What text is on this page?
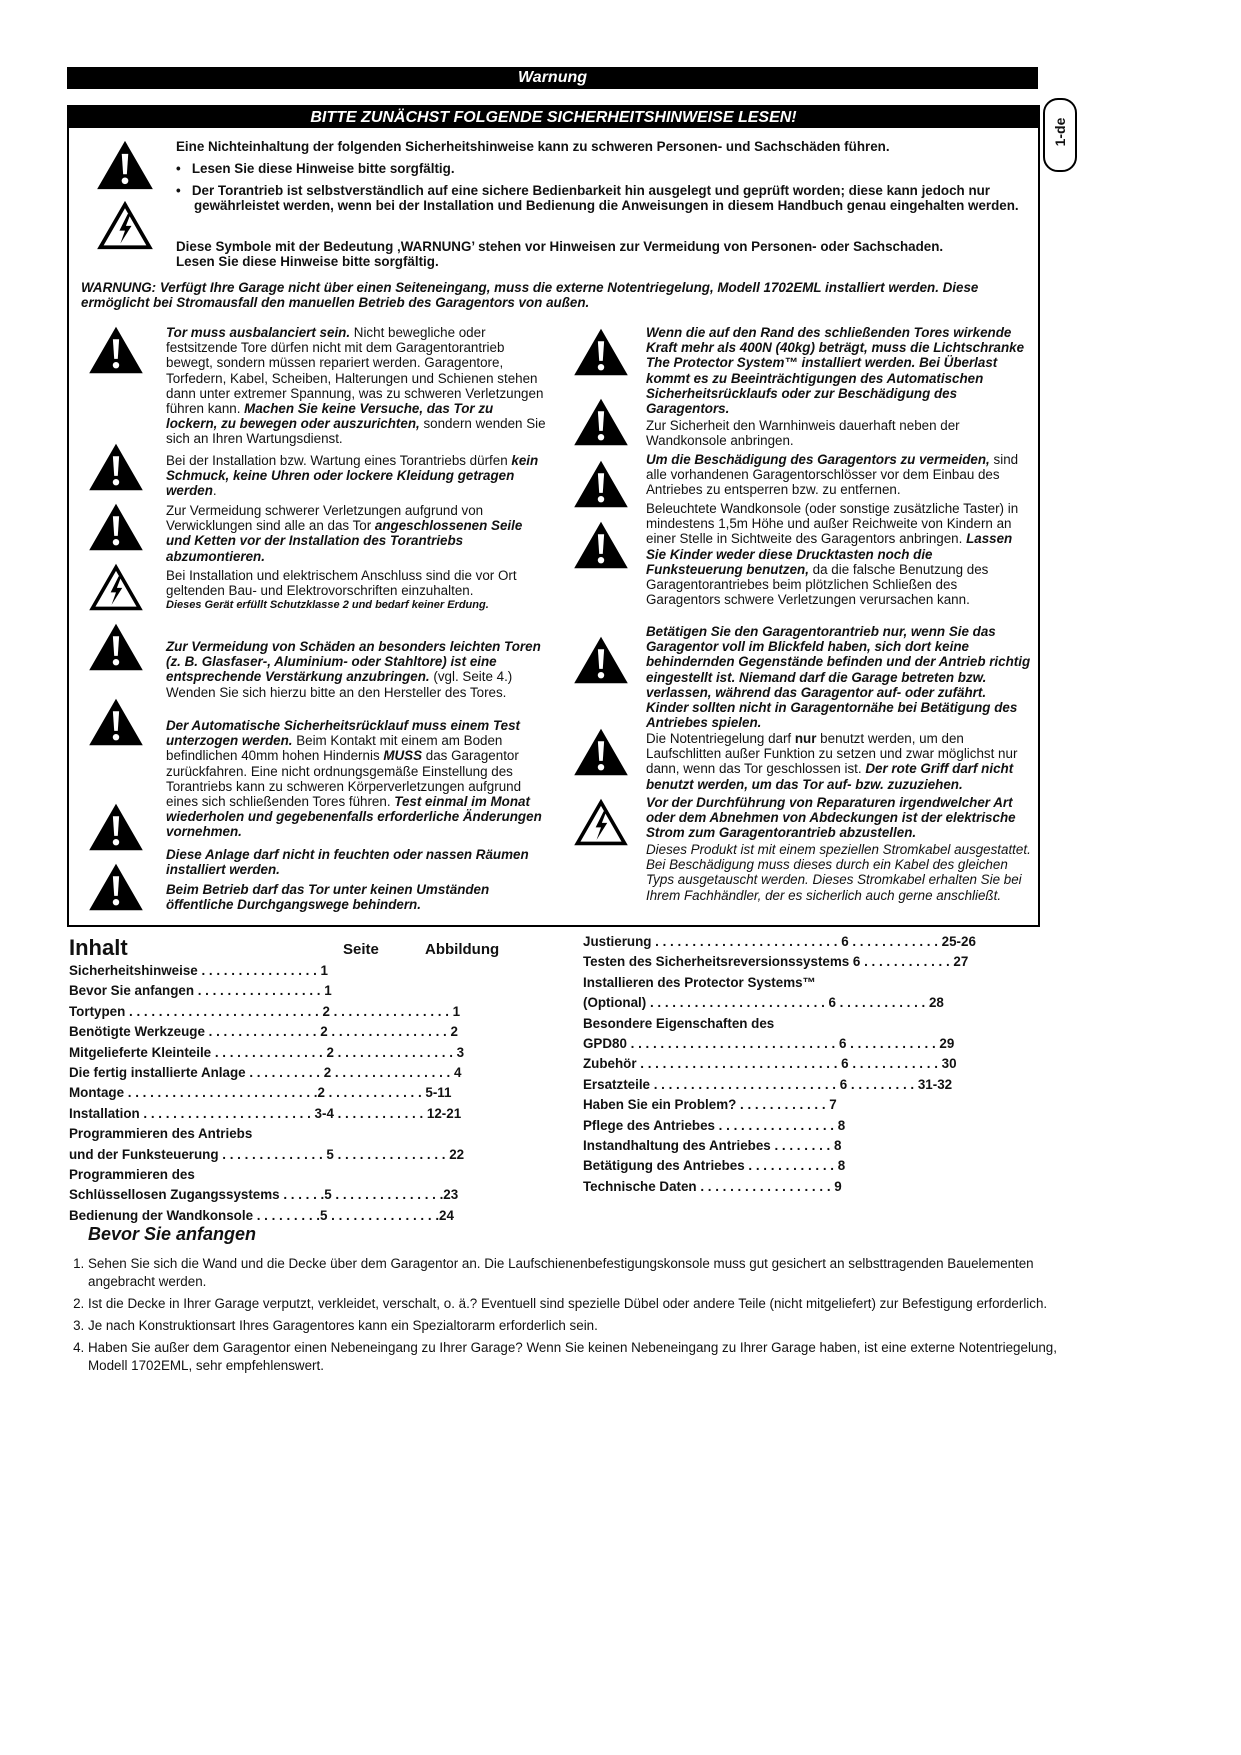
Warnung
1-de
BITTE ZUNÄCHST FOLGENDE SICHERHEITSHINWEISE LESEN!
Eine Nichteinhaltung der folgenden Sicherheitshinweise kann zu schweren Personen- und Sachschäden führen.
•   Lesen Sie diese Hinweise bitte sorgfältig.
•   Der Torantrieb ist selbstverständlich auf eine sichere Bedienbarkeit hin ausgelegt und geprüft worden; diese kann jedoch nur gewährleistet werden, wenn bei der Installation und Bedienung die Anweisungen in diesem Handbuch genau eingehalten werden.
Diese Symbole mit der Bedeutung ‚WARNUNG’ stehen vor Hinweisen zur Vermeidung von Personen- oder Sachschaden. Lesen Sie diese Hinweise bitte sorgfältig.
WARNUNG: Verfügt Ihre Garage nicht über einen Seiteneingang, muss die externe Notentriegelung, Modell 1702EML installiert werden. Diese ermöglicht bei Stromausfall den manuellen Betrieb des Garagentors von außen.
Tor muss ausbalanciert sein. Nicht bewegliche oder festsitzende Tore dürfen nicht mit dem Garagentorantrieb bewegt, sondern müssen repariert werden. Garagentore, Torfedern, Kabel, Scheiben, Halterungen und Schienen stehen dann unter extremer Spannung, was zu schweren Verletzungen führen kann. Machen Sie keine Versuche, das Tor zu lockern, zu bewegen oder auszurichten, sondern wenden Sie sich an Ihren Wartungsdienst.
Bei der Installation bzw. Wartung eines Torantriebs dürfen kein Schmuck, keine Uhren oder lockere Kleidung getragen werden.
Zur Vermeidung schwerer Verletzungen aufgrund von Verwicklungen sind alle an das Tor angeschlossenen Seile und Ketten vor der Installation des Torantriebs abzumontieren.
Bei Installation und elektrischem Anschluss sind die vor Ort geltenden Bau- und Elektrovorschriften einzuhalten.
Dieses Gerät erfüllt Schutzklasse 2 und bedarf keiner Erdung.
Zur Vermeidung von Schäden an besonders leichten Toren (z. B. Glasfaser-, Aluminium- oder Stahltore) ist eine entsprechende Verstärkung anzubringen. (vgl. Seite 4.) Wenden Sie sich hierzu bitte an den Hersteller des Tores.
Der Automatische Sicherheitsrücklauf muss einem Test unterzogen werden. Beim Kontakt mit einem am Boden befindlichen 40mm hohen Hindernis MUSS das Garagentor zurückfahren. Eine nicht ordnungsgemäße Einstellung des Torantriebs kann zu schweren Körperverletzungen aufgrund eines sich schließenden Tores führen. Test einmal im Monat wiederholen und gegebenenfalls erforderliche Änderungen vornehmen.
Diese Anlage darf nicht in feuchten oder nassen Räumen installiert werden.
Beim Betrieb darf das Tor unter keinen Umständen öffentliche Durchgangswege behindern.
Wenn die auf den Rand des schließenden Tores wirkende Kraft mehr als 400N (40kg) beträgt, muss die Lichtschranke The Protector System™ installiert werden. Bei Überlast kommt es zu Beeinträchtigungen des Automatischen Sicherheitsrücklaufs oder zur Beschädigung des Garagentors.
Zur Sicherheit den Warnhinweis dauerhaft neben der Wandkonsole anbringen.
Um die Beschädigung des Garagentors zu vermeiden, sind alle vorhandenen Garagentorschlösser vor dem Einbau des Antriebes zu entsperren bzw. zu entfernen.
Beleuchtete Wandkonsole (oder sonstige zusätzliche Taster) in mindestens 1,5m Höhe und außer Reichweite von Kindern an einer Stelle in Sichtweite des Garagentors anbringen. Lassen Sie Kinder weder diese Drucktasten noch die Funksteuerung benutzen, da die falsche Benutzung des Garagentorantriebes beim plötzlichen Schließen des Garagentors schwere Verletzungen verursachen kann.
Betätigen Sie den Garagentorantrieb nur, wenn Sie das Garagentor voll im Blickfeld haben, sich dort keine behindernden Gegenstände befinden und der Antrieb richtig eingestellt ist. Niemand darf die Garage betreten bzw. verlassen, während das Garagentor auf- oder zufährt. Kinder sollten nicht in Garagentornähe bei Betätigung des Antriebes spielen.
Die Notentriegelung darf nur benutzt werden, um den Laufschlitten außer Funktion zu setzen und zwar möglichst nur dann, wenn das Tor geschlossen ist. Der rote Griff darf nicht benutzt werden, um das Tor auf- bzw. zuzuziehen.
Vor der Durchführung von Reparaturen irgendwelcher Art oder dem Abnehmen von Abdeckungen ist der elektrische Strom zum Garagentorantrieb abzustellen.
Dieses Produkt ist mit einem speziellen Stromkabel ausgestattet. Bei Beschädigung muss dieses durch ein Kabel des gleichen Typs ausgetauscht werden. Dieses Stromkabel erhalten Sie bei Ihrem Fachhändler, der es sicherlich auch gerne anschließt.
Inhalt	Seite	Abbildung
Sicherheitshinweise . . . . . . . . . . . . . . . . 1
Bevor Sie anfangen . . . . . . . . . . . . . . . . . 1
Tortypen . . . . . . . . . . . . . . . . . . . . . . . . . . 2 . . . . . . . . . . . . . . . . 1
Benötigte Werkzeuge . . . . . . . . . . . . . . . 2 . . . . . . . . . . . . . . . . 2
Mitgelieferte Kleinteile . . . . . . . . . . . . . . . 2 . . . . . . . . . . . . . . . . 3
Die fertig installierte Anlage . . . . . . . . . . 2 . . . . . . . . . . . . . . . . 4
Montage . . . . . . . . . . . . . . . . . . . . . . . . . .2 . . . . . . . . . . . . . 5-11
Installation . . . . . . . . . . . . . . . . . . . . . . . 3-4 . . . . . . . . . . . . 12-21
Programmieren des Antriebs
und der Funksteuerung . . . . . . . . . . . . . . 5 . . . . . . . . . . . . . . . 22
Programmieren des
Schlüssellosen Zugangssystems . . . . . .5 . . . . . . . . . . . . . . .23
Bedienung der Wandkonsole . . . . . . . . .5 . . . . . . . . . . . . . . .24
Justierung . . . . . . . . . . . . . . . . . . . . . . . . . 6 . . . . . . . . . . . . 25-26
Testen des Sicherheitsreversionssystems 6 . . . . . . . . . . . . 27
Installieren des Protector Systems™
(Optional) . . . . . . . . . . . . . . . . . . . . . . . . 6 . . . . . . . . . . . . 28
Besondere Eigenschaften des
GPD80 . . . . . . . . . . . . . . . . . . . . . . . . . . . . 6 . . . . . . . . . . . . 29
Zubehör . . . . . . . . . . . . . . . . . . . . . . . . . . . 6 . . . . . . . . . . . . 30
Ersatzteile . . . . . . . . . . . . . . . . . . . . . . . . . 6 . . . . . . . . . 31-32
Haben Sie ein Problem? . . . . . . . . . . . . 7
Pflege des Antriebes . . . . . . . . . . . . . . . . 8
Instandhaltung des Antriebes . . . . . . . . 8
Betätigung des Antriebes . . . . . . . . . . . . 8
Technische Daten . . . . . . . . . . . . . . . . . . 9
Bevor Sie anfangen
1. Sehen Sie sich die Wand und die Decke über dem Garagentor an. Die Laufschienenbefestigungskonsole muss gut gesichert an selbsttragenden Bauelementen angebracht werden.
2. Ist die Decke in Ihrer Garage verputzt, verkleidet, verschalt, o. ä.? Eventuell sind spezielle Dübel oder andere Teile (nicht mitgeliefert) zur Befestigung erforderlich.
3. Je nach Konstruktionsart Ihres Garagentores kann ein Spezialtorarm erforderlich sein.
4. Haben Sie außer dem Garagentor einen Nebeneingang zu Ihrer Garage? Wenn Sie keinen Nebeneingang zu Ihrer Garage haben, ist eine externe Notentriegelung, Modell 1702EML, sehr empfehlenswert.
